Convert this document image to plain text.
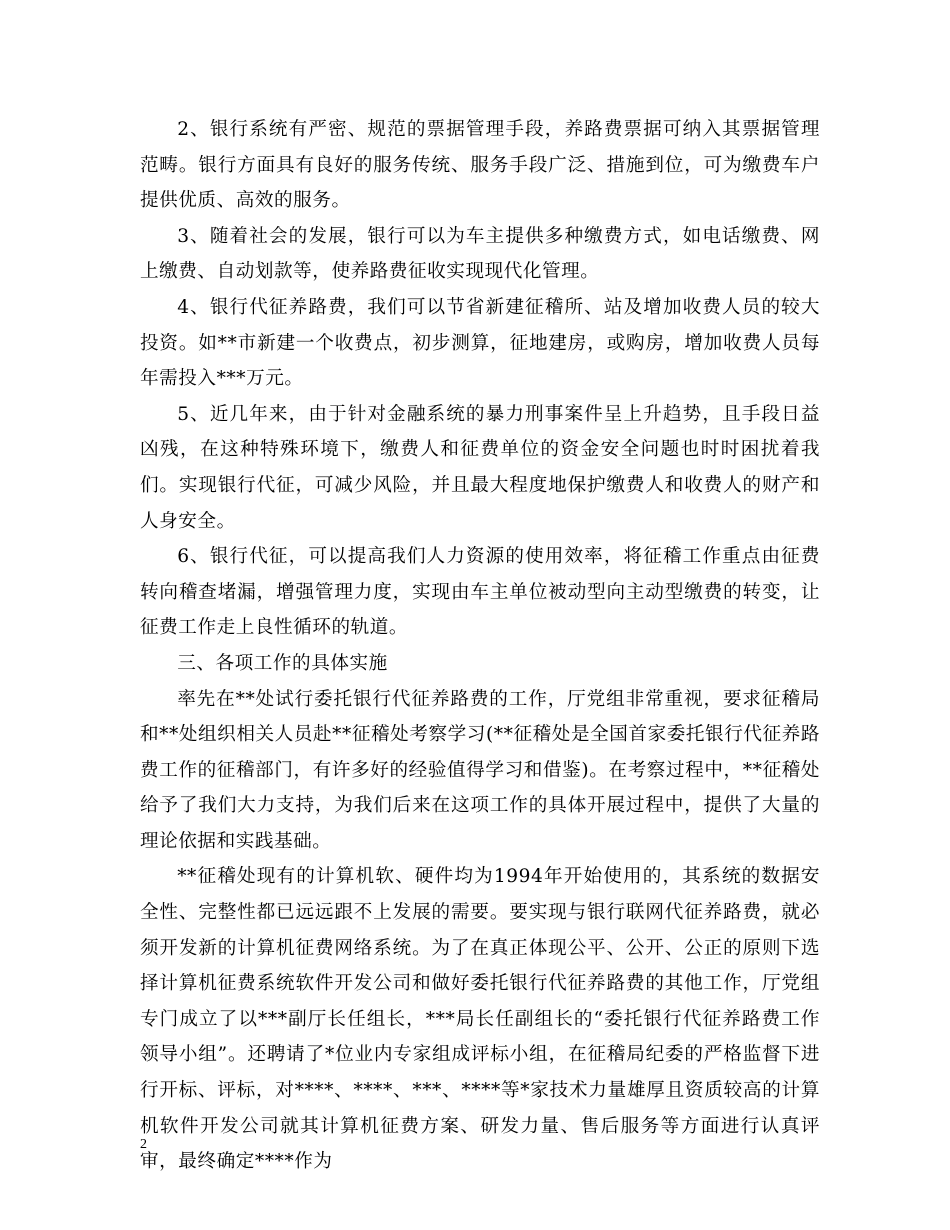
2、银行系统有严密、规范的票据管理手段，养路费票据可纳入其票据管理范畴。银行方面具有良好的服务传统、服务手段广泛、措施到位，可为缴费车户提供优质、高效的服务。

3、随着社会的发展，银行可以为车主提供多种缴费方式，如电话缴费、网上缴费、自动划款等，使养路费征收实现现代化管理。

4、银行代征养路费，我们可以节省新建征稽所、站及增加收费人员的较大投资。如**市新建一个收费点，初步测算，征地建房，或购房，增加收费人员每年需投入***万元。

5、近几年来，由于针对金融系统的暴力刑事案件呈上升趋势，且手段日益凶残，在这种特殊环境下，缴费人和征费单位的资金安全问题也时时困扰着我们。实现银行代征，可减少风险，并且最大程度地保护缴费人和收费人的财产和人身安全。

6、银行代征，可以提高我们人力资源的使用效率，将征稽工作重点由征费转向稽查堵漏，增强管理力度，实现由车主单位被动型向主动型缴费的转变，让征费工作走上良性循环的轨道。

三、各项工作的具体实施

率先在**处试行委托银行代征养路费的工作，厅党组非常重视，要求征稽局和**处组织相关人员赴**征稽处考察学习(**征稽处是全国首家委托银行代征养路费工作的征稽部门，有许多好的经验值得学习和借鉴)。在考察过程中，**征稽处给予了我们大力支持，为我们后来在这项工作的具体开展过程中，提供了大量的理论依据和实践基础。

**征稽处现有的计算机软、硬件均为1994年开始使用的，其系统的数据安全性、完整性都已远远跟不上发展的需要。要实现与银行联网代征养路费，就必须开发新的计算机征费网络系统。为了在真正体现公平、公开、公正的原则下选择计算机征费系统软件开发公司和做好委托银行代征养路费的其他工作，厅党组专门成立了以***副厅长任组长，***局长任副组长的“委托银行代征养路费工作领导小组”。还聘请了*位业内专家组成评标小组，在征稽局纪委的严格监督下进行开标、评标，对****、****、***、****等*家技术力量雄厚且资质较高的计算机软件开发公司就其计算机征费方案、研发力量、售后服务等方面进行认真评审，最终确定****作为

2
